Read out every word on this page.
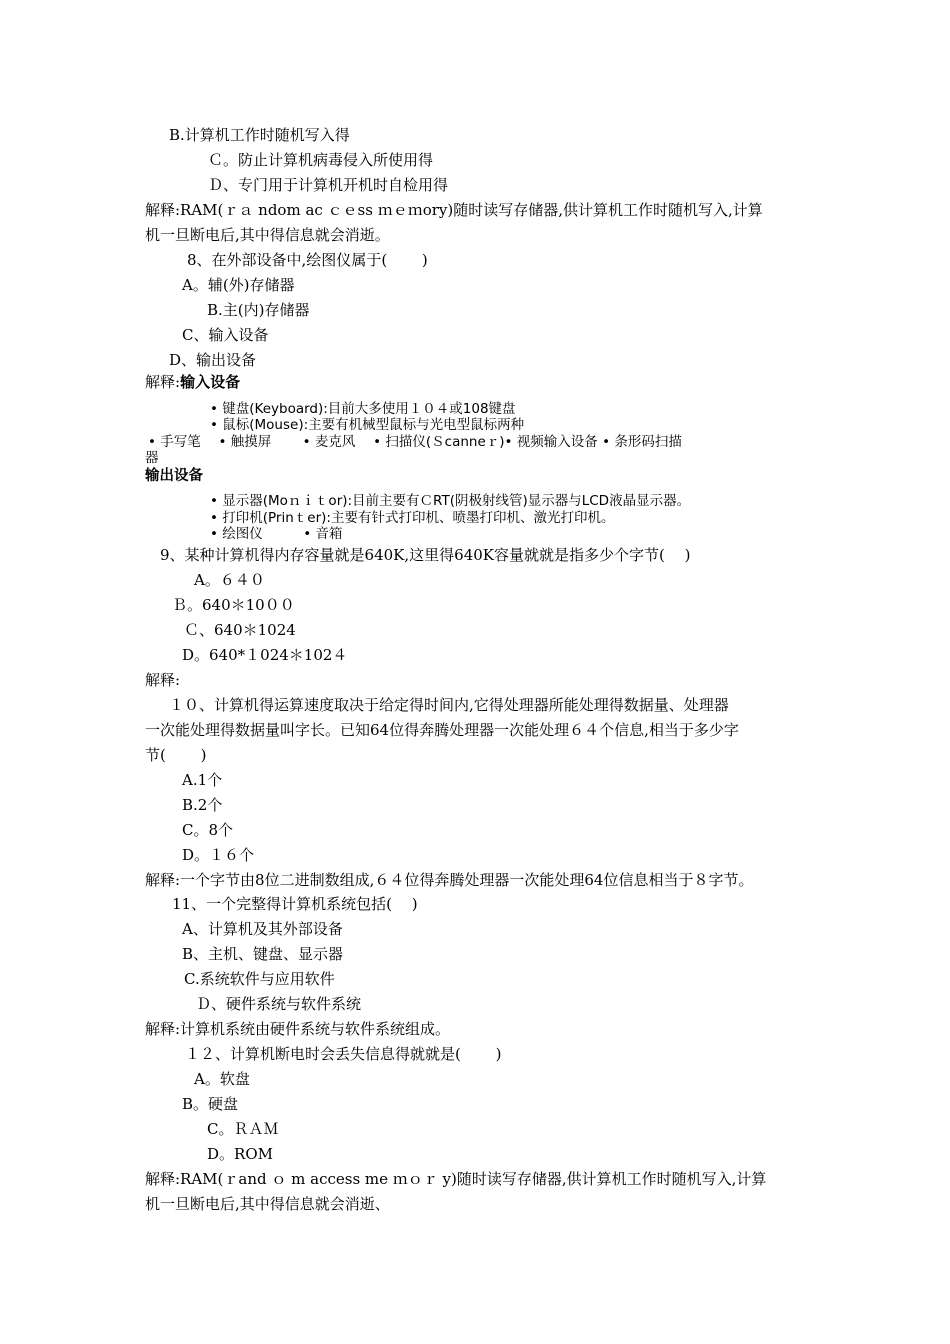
B.计算机工作时随机写入得
Ｃ。防止计算机病毒侵入所使用得
Ｄ、专门用于计算机开机时自检用得
解释:RAM(ｒａ ndom ac ｃｅss ｍｅｍory)随时读写存储器,供计算机工作时随机写入,计算
机一旦断电后,其中得信息就会消逝。
8、在外部设备中,绘图仪属于(　　 )
A。辅(外)存储器
B.主(内)存储器
C、输入设备
D、输出设备
解释:输入设备
• 键盘(Keyboard):目前大多使用１０４或108键盘
• 鼠标(Mouse):主要有机械型鼠标与光电型鼠标两种
• 手写笔　 • 触摸屏　　 • 麦克风　 • 扫描仪(Ｓcanneｒ)• 视频输入设备 • 条形码扫描
器
输出设备
• 显示器(Moｎｉｔor):目前主要有ＣRT(阴极射线管)显示器与LCD液晶显示器。
• 打印机(Prinｔer):主要有针式打印机、喷墨打印机、激光打印机。
• 绘图仪　　　• 音箱
9、某种计算机得内存容量就是640K,这里得640K容量就就是指多少个字节(　 )
A。６４０
Ｂ。640＊10００
Ｃ、640＊1024
D。640*１024＊102４
解释:
１０、计算机得运算速度取决于给定得时间内,它得处理器所能处理得数据量、处理器
一次能处理得数据量叫字长。已知64位得奔腾处理器一次能处理６４个信息,相当于多少字
节(　　 )
A.1个
B.2个
C。8个
D。１６个
解释:一个字节由8位二进制数组成,６４位得奔腾处理器一次能处理64位信息相当于８字节。
11、一个完整得计算机系统包括(　 )
A、计算机及其外部设备
B、主机、键盘、显示器
C.系统软件与应用软件
Ｄ、硬件系统与软件系统
解释:计算机系统由硬件系统与软件系统组成。
１２、计算机断电时会丢失信息得就就是(　　 )
A。软盘
B。硬盘
C。ＲＡＭ
D。ROM
解释:RAM(ｒand ｏ m access me ｍｏｒ y)随时读写存储器,供计算机工作时随机写入,计算
机一旦断电后,其中得信息就会消逝、
